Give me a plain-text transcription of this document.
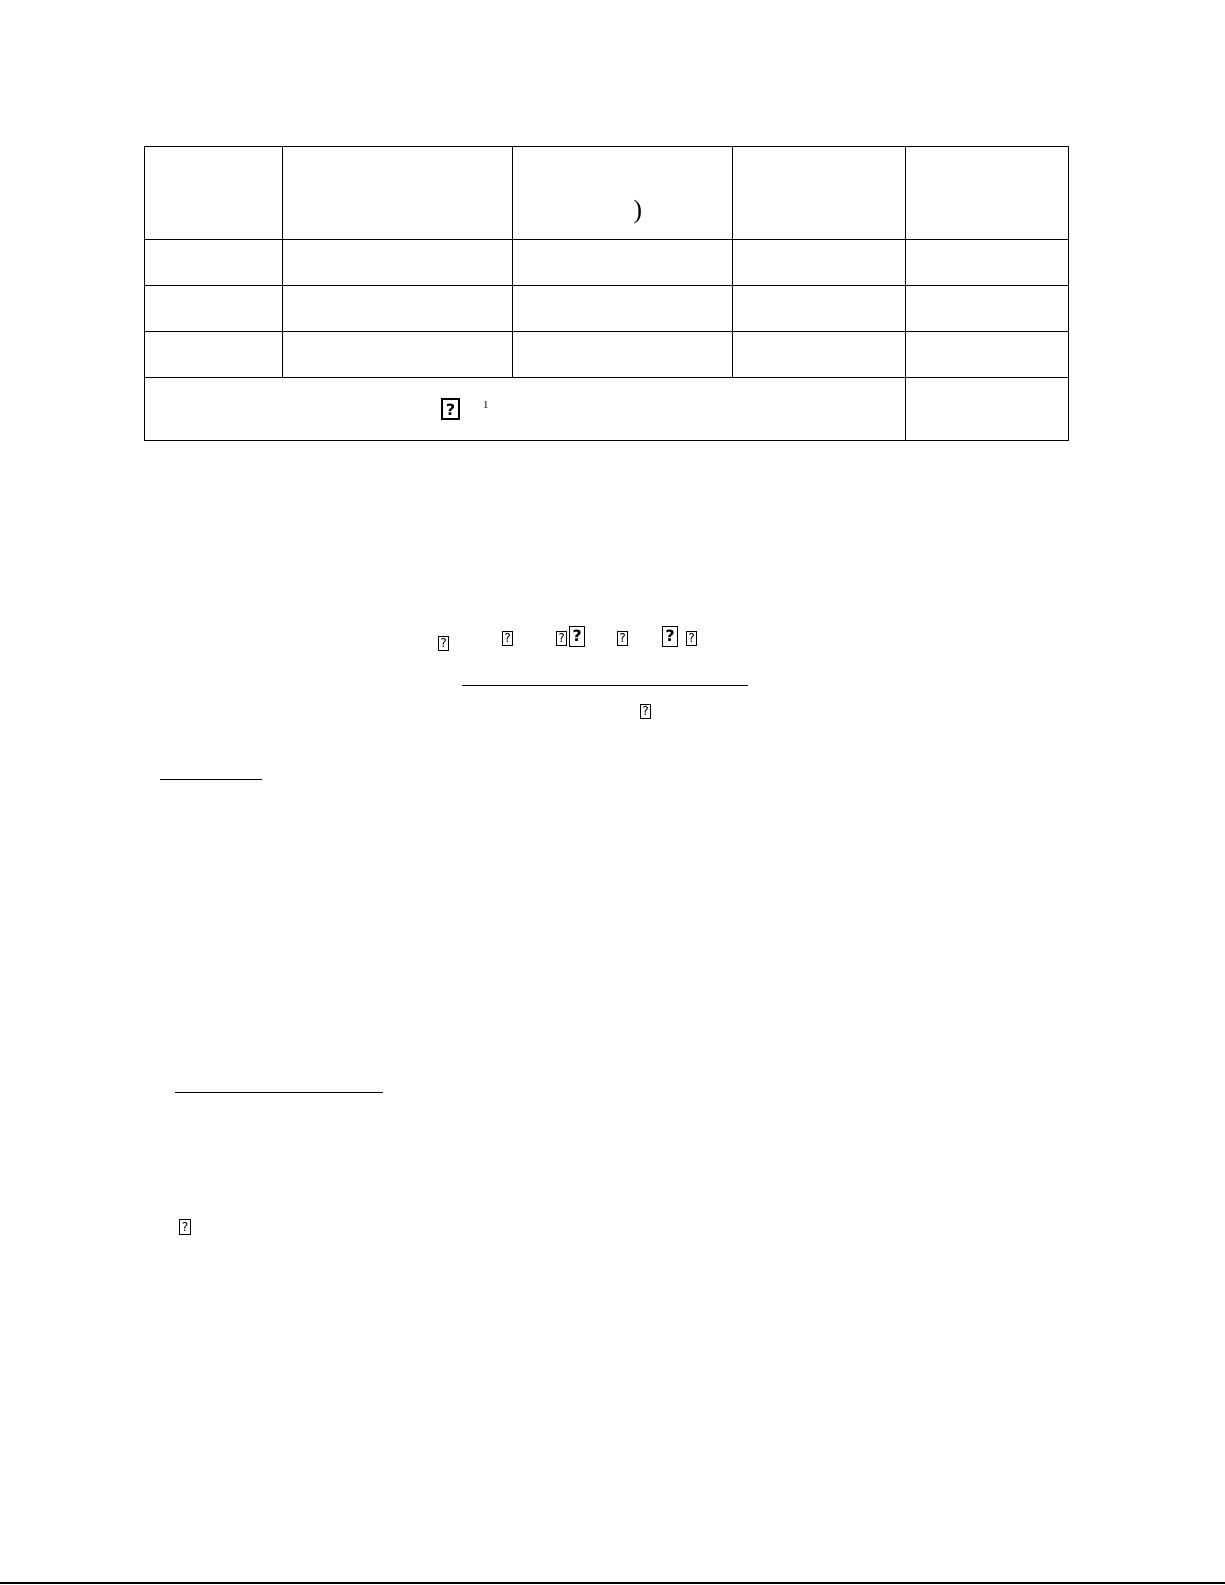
		)		

? 1				

?	?	? ?	? ? ?
?
?
